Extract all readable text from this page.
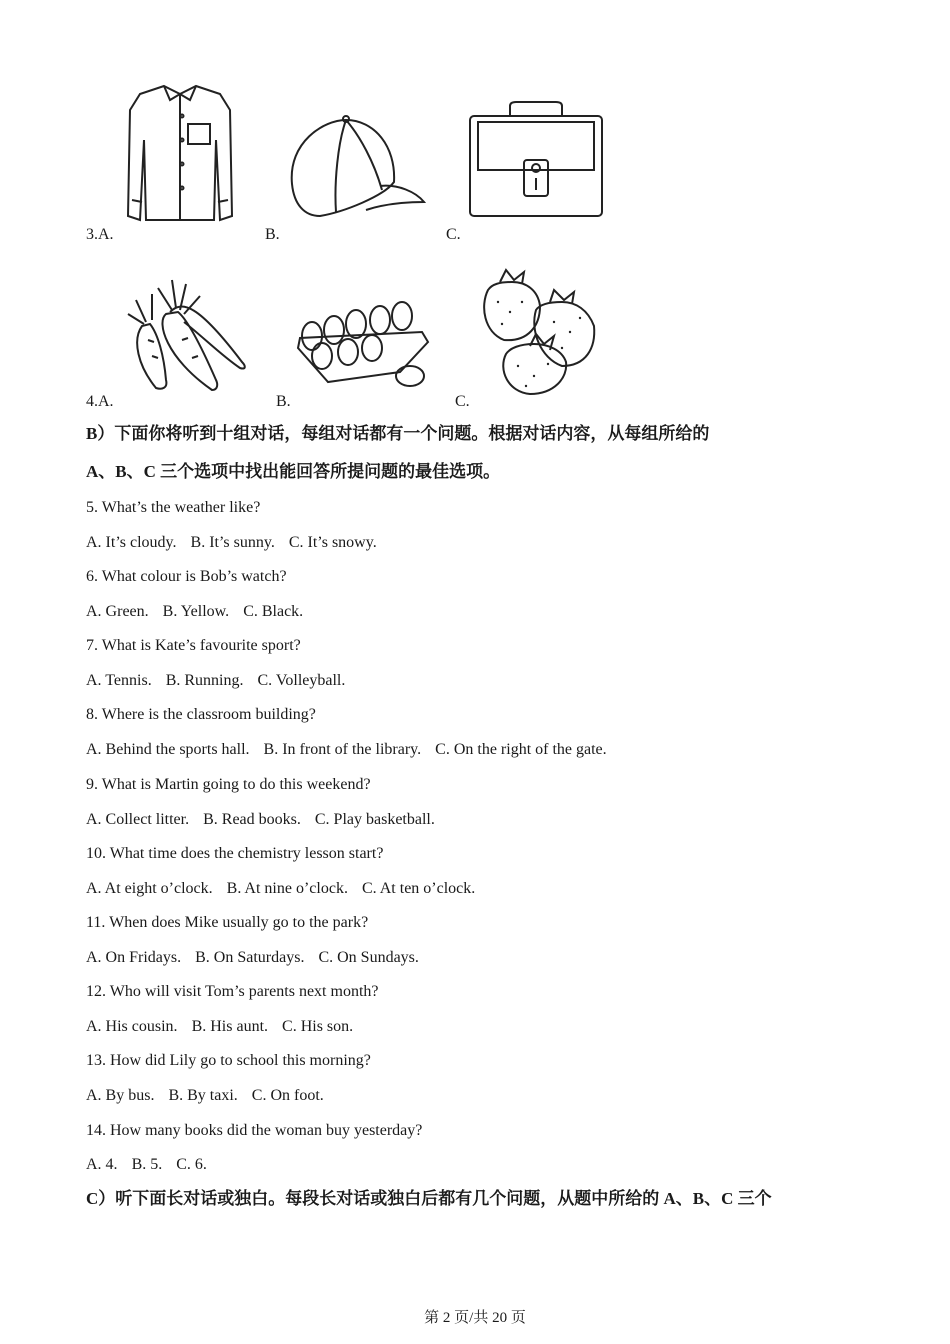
3.A.	B.	C.
4.A.	B.	C.
B）下面你将听到十组对话，每组对话都有一个问题。根据对话内容，从每组所给的
A、B、C 三个选项中找出能回答所提问题的最佳选项。
5. What’s the weather like?
A. It’s cloudy. B. It’s sunny. C. It’s snowy.
6. What colour is Bob’s watch?
A. Green. B. Yellow. C. Black.
7. What is Kate’s favourite sport?
A. Tennis. B. Running. C. Volleyball.
8. Where is the classroom building?
A. Behind the sports hall. B. In front of the library. C. On the right of the gate.
9. What is Martin going to do this weekend?
A. Collect litter. B. Read books. C. Play basketball.
10. What time does the chemistry lesson start?
A. At eight o’clock. B. At nine o’clock. C. At ten o’clock.
11. When does Mike usually go to the park?
A. On Fridays. B. On Saturdays. C. On Sundays.
12. Who will visit Tom’s parents next month?
A. His cousin. B. His aunt. C. His son.
13. How did Lily go to school this morning?
A. By bus. B. By taxi. C. On foot.
14. How many books did the woman buy yesterday?
A. 4. B. 5. C. 6.
C）听下面长对话或独白。每段长对话或独白后都有几个问题，从题中所给的 A、B、C 三个
第 2 页/共 20 页
